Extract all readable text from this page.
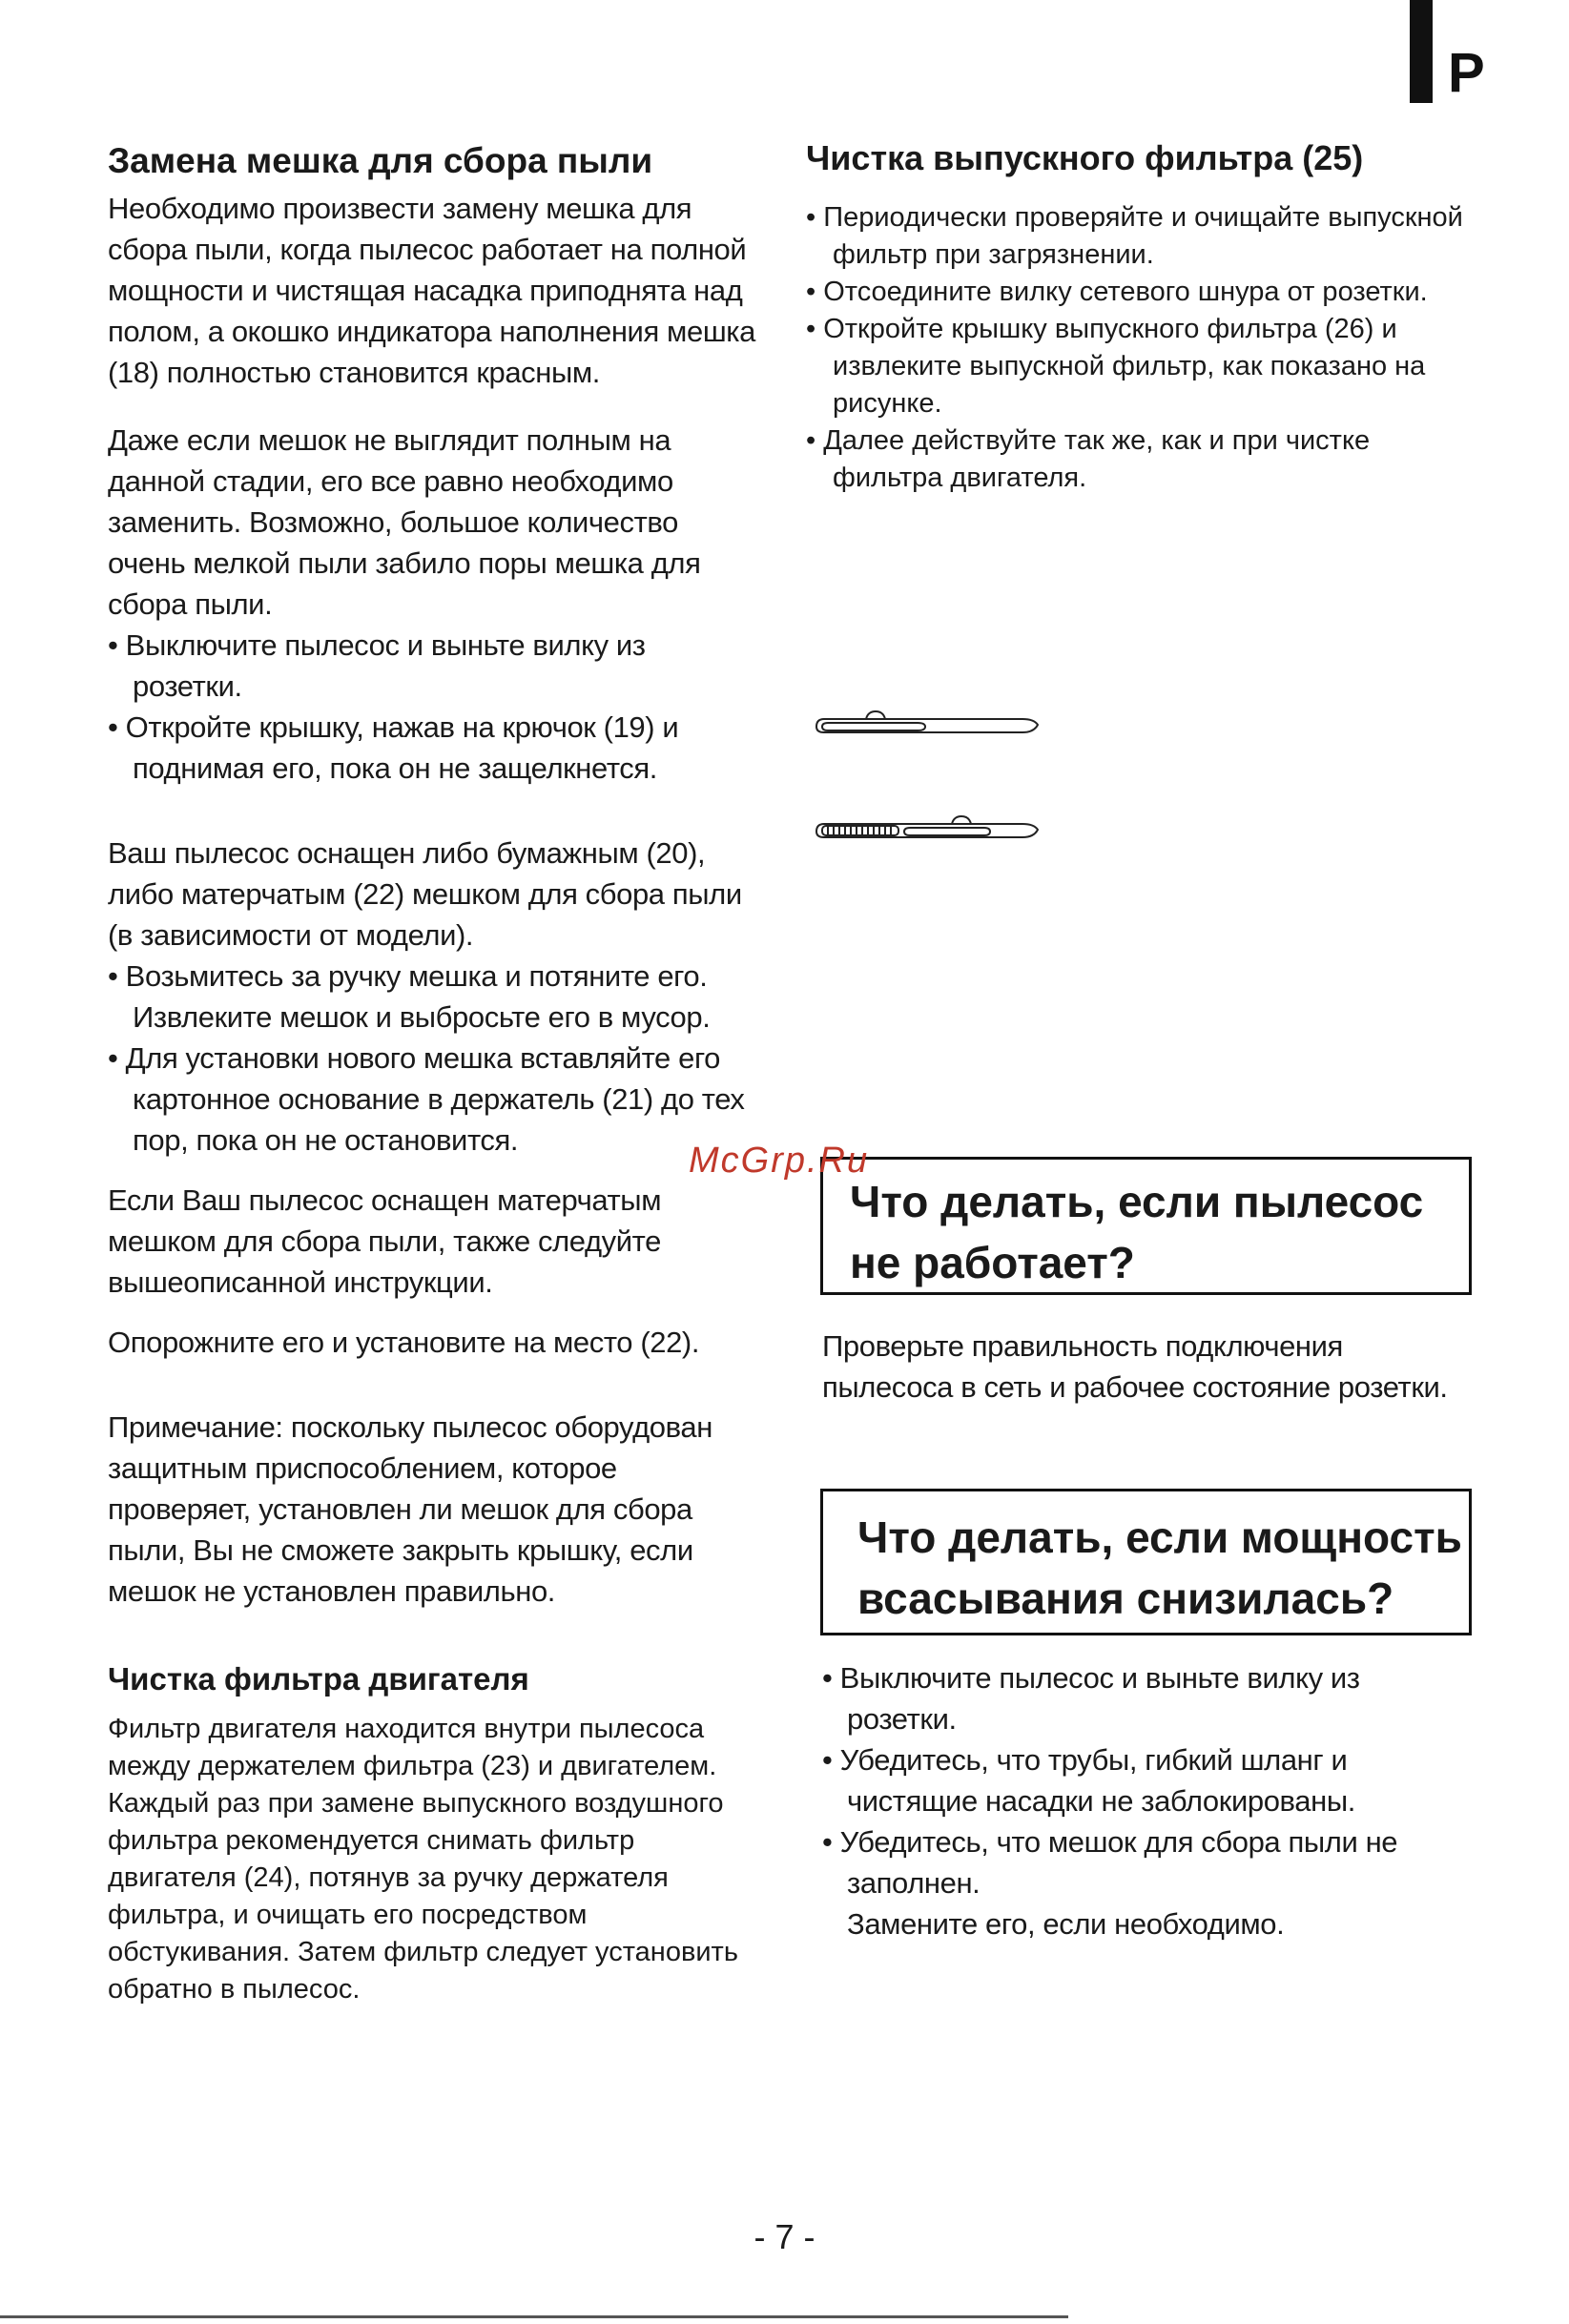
P
Замена мешка для сбора пыли

Необходимо произвести замену мешка для сбора пыли, когда пылесос работает на полной мощности и чистящая насадка приподнята над полом, а окошко индикатора наполнения мешка (18) полностью становится красным.

Даже если мешок не выглядит полным на данной стадии, его все равно необходимо заменить. Возможно, большое количество очень мелкой пыли забило поры мешка для сбора пыли.

• Выключите пылесос и выньте вилку из розетки.
• Откройте крышку, нажав на крючок (19) и поднимая его, пока он не защелкнется.

Ваш пылесос оснащен либо бумажным (20), либо матерчатым (22) мешком для сбора пыли (в зависимости от модели).

• Возьмитесь за ручку мешка и потяните его. Извлеките мешок и выбросьте его в мусор.
• Для установки нового мешка вставляйте его картонное основание в держатель (21) до тех пор, пока он не остановится.

Если Ваш пылесос оснащен матерчатым мешком для сбора пыли, также следуйте вышеописанной инструкции.

Опорожните его и установите на место (22).

Примечание: поскольку пылесос оборудован защитным приспособлением, которое проверяет, установлен ли мешок для сбора пыли, Вы не сможете закрыть крышку, если мешок не установлен правильно.

Чистка фильтра двигателя

Фильтр двигателя находится внутри пылесоса между держателем фильтра (23) и двигателем. Каждый раз при замене выпускного воздушного фильтра рекомендуется снимать фильтр двигателя (24), потянув за ручку держателя фильтра, и очищать его посредством обстукивания. Затем фильтр следует установить обратно в пылесос.

Чистка выпускного фильтра (25)
• Периодически проверяйте и очищайте выпускной фильтр при загрязнении.
• Отсоедините вилку сетевого шнура от розетки.
• Откройте крышку выпускного фильтра (26) и извлеките выпускной фильтр, как показано на рисунке.
• Далее действуйте так же, как и при чистке фильтра двигателя.

Что делать, если пылесос не работает?

Проверьте правильность подключения пылесоса в сеть и рабочее состояние розетки.

Что делать, если мощность всасывания снизилась?

• Выключите пылесос и выньте вилку из розетки.
• Убедитесь, что трубы, гибкий шланг и чистящие насадки не заблокированы.
• Убедитесь, что мешок для сбора пыли не заполнен.
Замените его, если необходимо.
McGrp.Ru
- 7 -
